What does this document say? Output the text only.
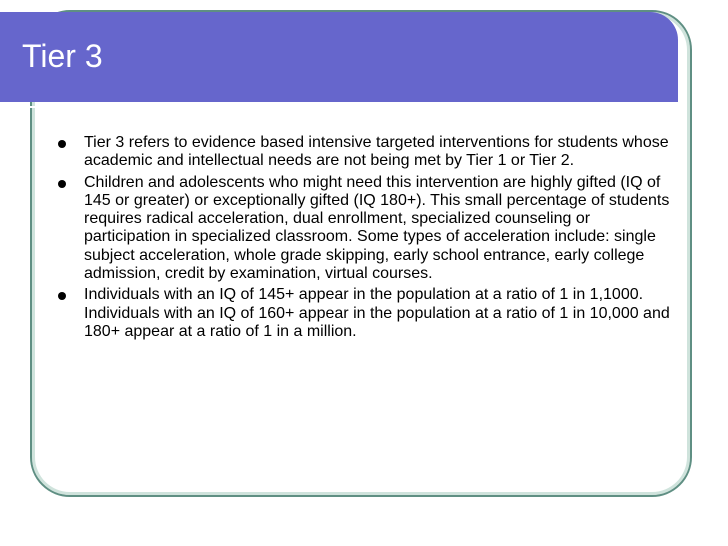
Tier 3
Tier 3 refers to evidence based intensive targeted interventions for students whose academic and intellectual needs are not being met by Tier 1 or Tier 2.
Children and adolescents who might need this intervention are highly gifted (IQ of 145 or greater) or exceptionally gifted (IQ 180+). This small percentage of students requires radical acceleration, dual enrollment, specialized counseling or participation in specialized classroom. Some types of acceleration include: single subject acceleration, whole grade skipping, early school entrance, early college admission, credit by examination, virtual courses.
Individuals with an IQ of 145+ appear in the population at a ratio of 1 in 1,1000. Individuals with an IQ of 160+ appear in the population at a ratio of 1 in 10,000 and 180+ appear at a ratio of 1 in a million.
